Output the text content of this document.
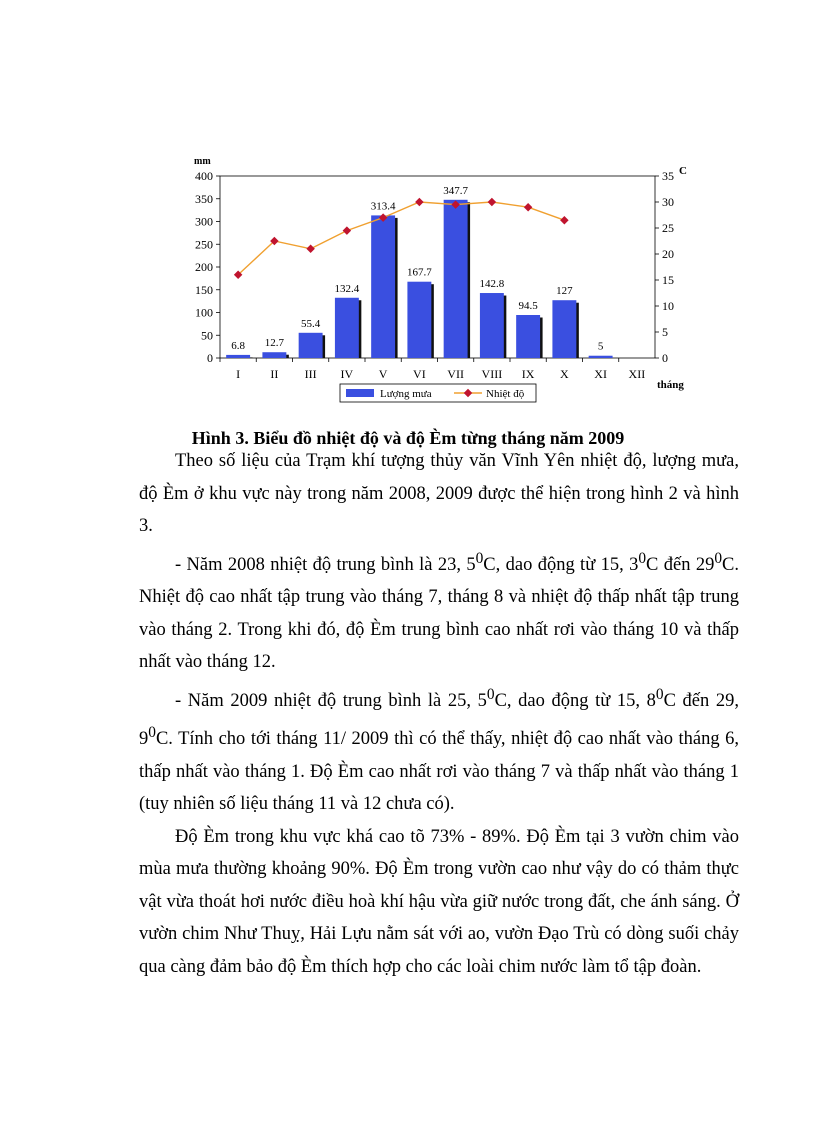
0
50
100
150
200
250
300
350
400
0
5
10
15
20
25
30
35
mm
C
tháng
I
6.8
II
12.7
III
55.4
IV
132.4
V
313.4
VI
167.7
VII
347.7
VIII
142.8
IX
94.5
X
127
XI
5
XII
Lượng mưa	Nhiệt độ
Hình 3. Biểu đồ nhiệt độ và độ Èm từng tháng năm 2009

Theo số liệu của Trạm khí tượng thủy văn Vĩnh Yên nhiệt độ, lượng mưa, độ Èm ở khu vực này trong năm 2008, 2009 được thể hiện trong hình 2 và hình 3.

- Năm 2008 nhiệt độ trung bình là 23, $5^0C$, dao động từ 15, $3^0C$ đến $29^0C$. Nhiệt độ cao nhất tập trung vào tháng 7, tháng 8 và nhiệt độ thấp nhất tập trung vào tháng 2. Trong khi đó, độ Èm trung bình cao nhất rơi vào tháng 10 và thấp nhất vào tháng 12.

- Năm 2009 nhiệt độ trung bình là 25, $5^0C$, dao động từ 15, $8^0C$ đến 29, $9^0C$. Tính cho tới tháng 11/ 2009 thì có thể thấy, nhiệt độ cao nhất vào tháng 6, thấp nhất vào tháng 1. Độ Èm cao nhất rơi vào tháng 7 và thấp nhất vào tháng 1 (tuy nhiên số liệu tháng 11 và 12 chưa có).

Độ Èm trong khu vực khá cao tõ 73% - 89%. Độ Èm tại 3 vườn chim vào mùa mưa thường khoảng 90%. Độ Èm trong vườn cao như vậy do có thảm thực vật vừa thoát hơi nước điều hoà khí hậu vừa giữ nước trong đất, che ánh sáng. Ở vườn chim Như Thuỵ, Hải Lựu nằm sát với ao, vườn Đạo Trù có dòng suối chảy qua càng đảm bảo độ Èm thích hợp cho các loài chim nước làm tổ tập đoàn.
